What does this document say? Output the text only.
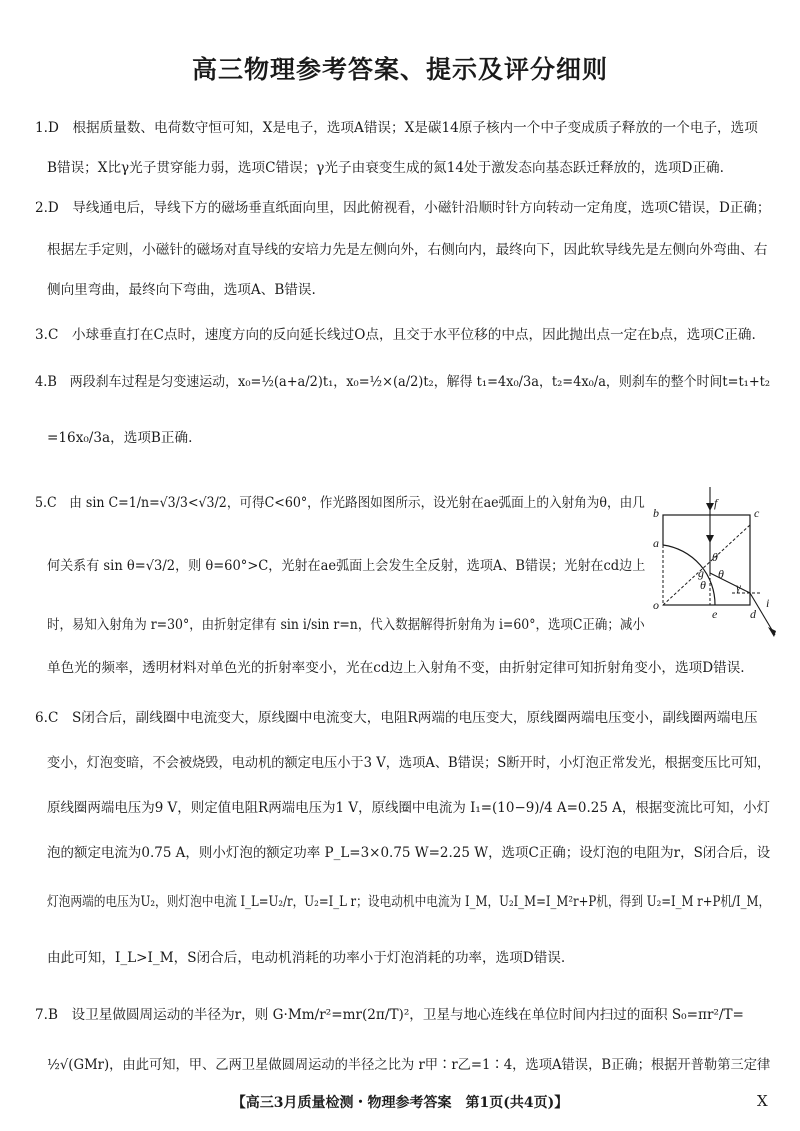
高三物理参考答案、提示及评分细则
1.D　根据质量数、电荷数守恒可知，X是电子，选项A错误；X是碳14原子核内一个中子变成质子释放的一个电子，选项
B错误；X比γ光子贯穿能力弱，选项C错误；γ光子由衰变生成的氮14处于激发态向基态跃迁释放的，选项D正确.
2.D　导线通电后，导线下方的磁场垂直纸面向里，因此俯视看，小磁针沿顺时针方向转动一定角度，选项C错误，D正确；
根据左手定则，小磁针的磁场对直导线的安培力先是左侧向外，右侧向内，最终向下，因此软导线先是左侧向外弯曲、右
侧向里弯曲，最终向下弯曲，选项A、B错误.
3.C　小球垂直打在C点时，速度方向的反向延长线过O点，且交于水平位移的中点，因此抛出点一定在b点，选项C正确.
4.B　两段刹车过程是匀变速运动，x₀=½(a+a/2)t₁，x₀=½×(a/2)t₂，解得 t₁=4x₀/3a，t₂=4x₀/a，则刹车的整个时间t=t₁+t₂
=16x₀/3a，选项B正确.
5.C　由 sin C=1/n=√3/3<√3/2，可得C<60°，作光路图如图所示，设光射在ae弧面上的入射角为θ，由几
何关系有 sin θ=√3/2，则 θ=60°>C，光射在ae弧面上会发生全反射，选项A、B错误；光射在cd边上
时，易知入射角为 r=30°，由折射定律有 sin i/sin r=n，代入数据解得折射角为 i=60°，选项C正确；减小
单色光的频率，透明材料对单色光的折射率变小，光在cd边上入射角不变，由折射定律可知折射角变小，选项D错误.
b	c
a
f
g
θ
θ
θ	γ
o
e	d
i
6.C　S闭合后，副线圈中电流变大，原线圈中电流变大，电阻R两端的电压变大，原线圈两端电压变小，副线圈两端电压
变小，灯泡变暗，不会被烧毁，电动机的额定电压小于3 V，选项A、B错误；S断开时，小灯泡正常发光，根据变压比可知，
原线圈两端电压为9 V，则定值电阻R两端电压为1 V，原线圈中电流为 I₁=(10−9)/4 A=0.25 A，根据变流比可知，小灯
泡的额定电流为0.75 A，则小灯泡的额定功率 P_L=3×0.75 W=2.25 W，选项C正确；设灯泡的电阻为r，S闭合后，设
灯泡两端的电压为U₂，则灯泡中电流 I_L=U₂/r，U₂=I_L r；设电动机中电流为 I_M，U₂I_M=I_M²r+P机，得到 U₂=I_M r+P机/I_M，
由此可知，I_L>I_M，S闭合后，电动机消耗的功率小于灯泡消耗的功率，选项D错误.
7.B　设卫星做圆周运动的半径为r，则 G·Mm/r²=mr(2π/T)²，卫星与地心连线在单位时间内扫过的面积 S₀=πr²/T=
½√(GMr)，由此可知，甲、乙两卫星做圆周运动的半径之比为 r甲∶r乙=1∶4，选项A错误，B正确；根据开普勒第三定律
【高三3月质量检测・物理参考答案　第1页(共4页)】	X
